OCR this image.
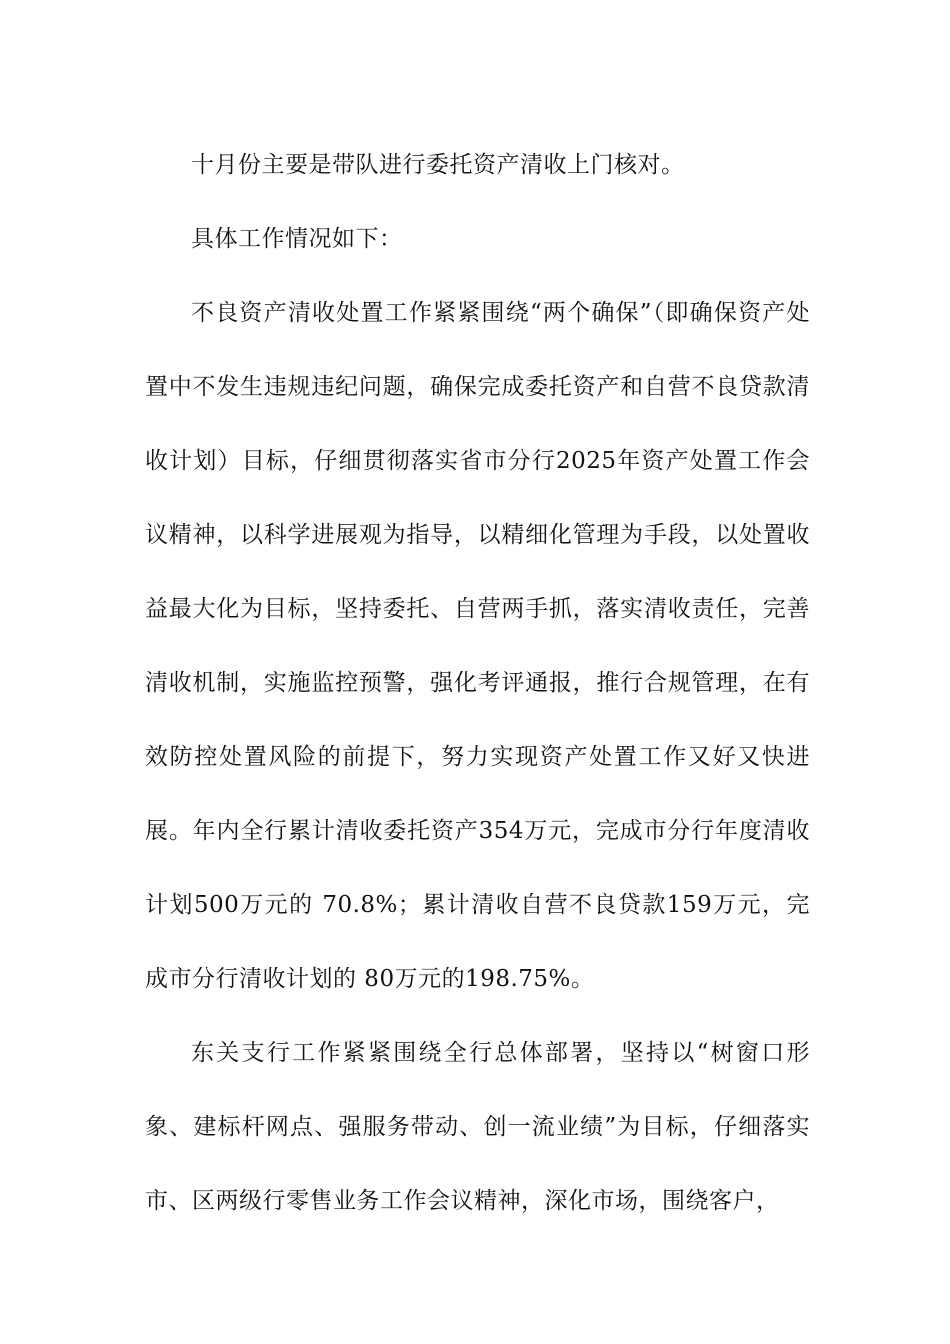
十月份主要是带队进行委托资产清收上门核对。

具体工作情况如下：

不良资产清收处置工作紧紧围绕“两个确保”（即确保资产处置中不发生违规违纪问题，确保完成委托资产和自营不良贷款清收计划）目标，仔细贯彻落实省市分行2025年资产处置工作会议精神，以科学进展观为指导，以精细化管理为手段，以处置收益最大化为目标，坚持委托、自营两手抓，落实清收责任，完善清收机制，实施监控预警，强化考评通报，推行合规管理，在有效防控处置风险的前提下，努力实现资产处置工作又好又快进展。年内全行累计清收委托资产354万元，完成市分行年度清收计划500万元的 70.8%；累计清收自营不良贷款159万元，完成市分行清收计划的 80万元的198.75%。

东关支行工作紧紧围绕全行总体部署，坚持以“树窗口形象、建标杆网点、强服务带动、创一流业绩”为目标，仔细落实市、区两级行零售业务工作会议精神，深化市场，围绕客户，
